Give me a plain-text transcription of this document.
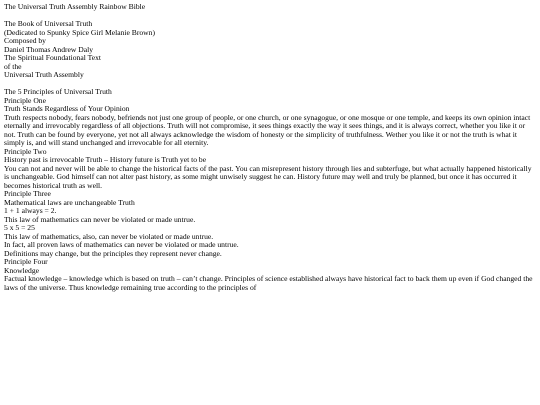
The Universal Truth Assembly Rainbow Bible

The Book of Universal Truth

(Dedicated to Spunky Spice Girl Melanie Brown)

Composed by

Daniel Thomas Andrew Daly

The Spiritual Foundational Text

of the

Universal Truth Assembly

The 5 Principles of Universal Truth

Principle One

Truth Stands Regardless of Your Opinion

Truth respects nobody, fears nobody, befriends not just one group of people, or one church, or one synagogue, or one mosque or one temple, and keeps its own opinion intact eternally and irrevocably regardless of all objections. Truth will not compromise, it sees things exactly the way it sees things, and it is always correct, whether you like it or not. Truth can be found by everyone, yet not all always acknowledge the wisdom of honesty or the simplicity of truthfulness. Wether you like it or not the truth is what it simply is, and will stand unchanged and irrevocable for all eternity.

Principle Two

History past is irrevocable Truth – History future is Truth yet to be

You can not and never will be able to change the historical facts of the past. You can misrepresent history through lies and subterfuge, but what actually happened historically is unchangeable. God himself can not alter past history, as some might unwisely suggest he can. History future may well and truly be planned, but once it has occurred it becomes historical truth as well.

Principle Three

Mathematical laws are unchangeable Truth

1 + 1 always = 2.

This law of mathematics can never be violated or made untrue.

5 x 5 = 25

This law of mathematics, also, can never be violated or made untrue.

In fact, all proven laws of mathematics can never be violated or made untrue.

Definitions may change, but the principles they represent never change.

Principle Four

Knowledge

Factual knowledge – knowledge which is based on truth – can’t change. Principles of science established always have historical fact to back them up even if God changed the laws of the universe. Thus knowledge remaining true according to the principles of
